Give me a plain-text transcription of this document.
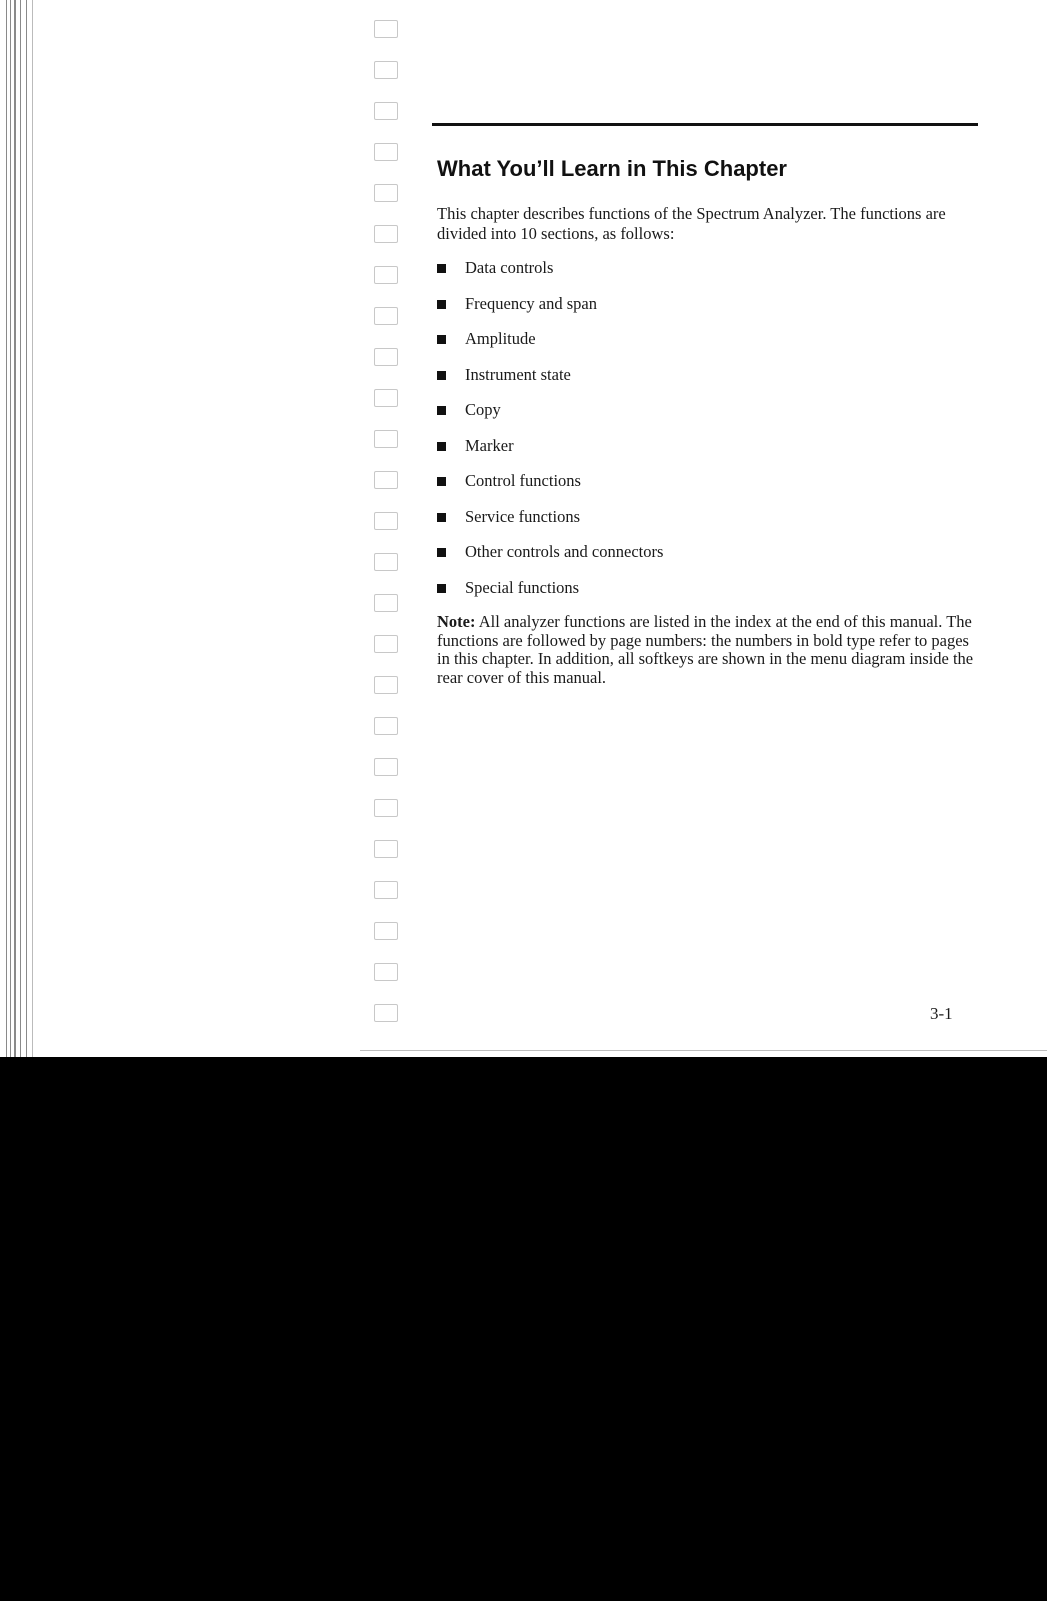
What You’ll Learn in This Chapter

This chapter describes functions of the Spectrum Analyzer. The functions are divided into 10 sections, as follows:

Data controls
Frequency and span
Amplitude
Instrument state
Copy
Marker
Control functions
Service functions
Other controls and connectors
Special functions

Note: All analyzer functions are listed in the index at the end of this manual. The functions are followed by page numbers: the numbers in bold type refer to pages in this chapter. In addition, all softkeys are shown in the menu diagram inside the rear cover of this manual.

3-1
